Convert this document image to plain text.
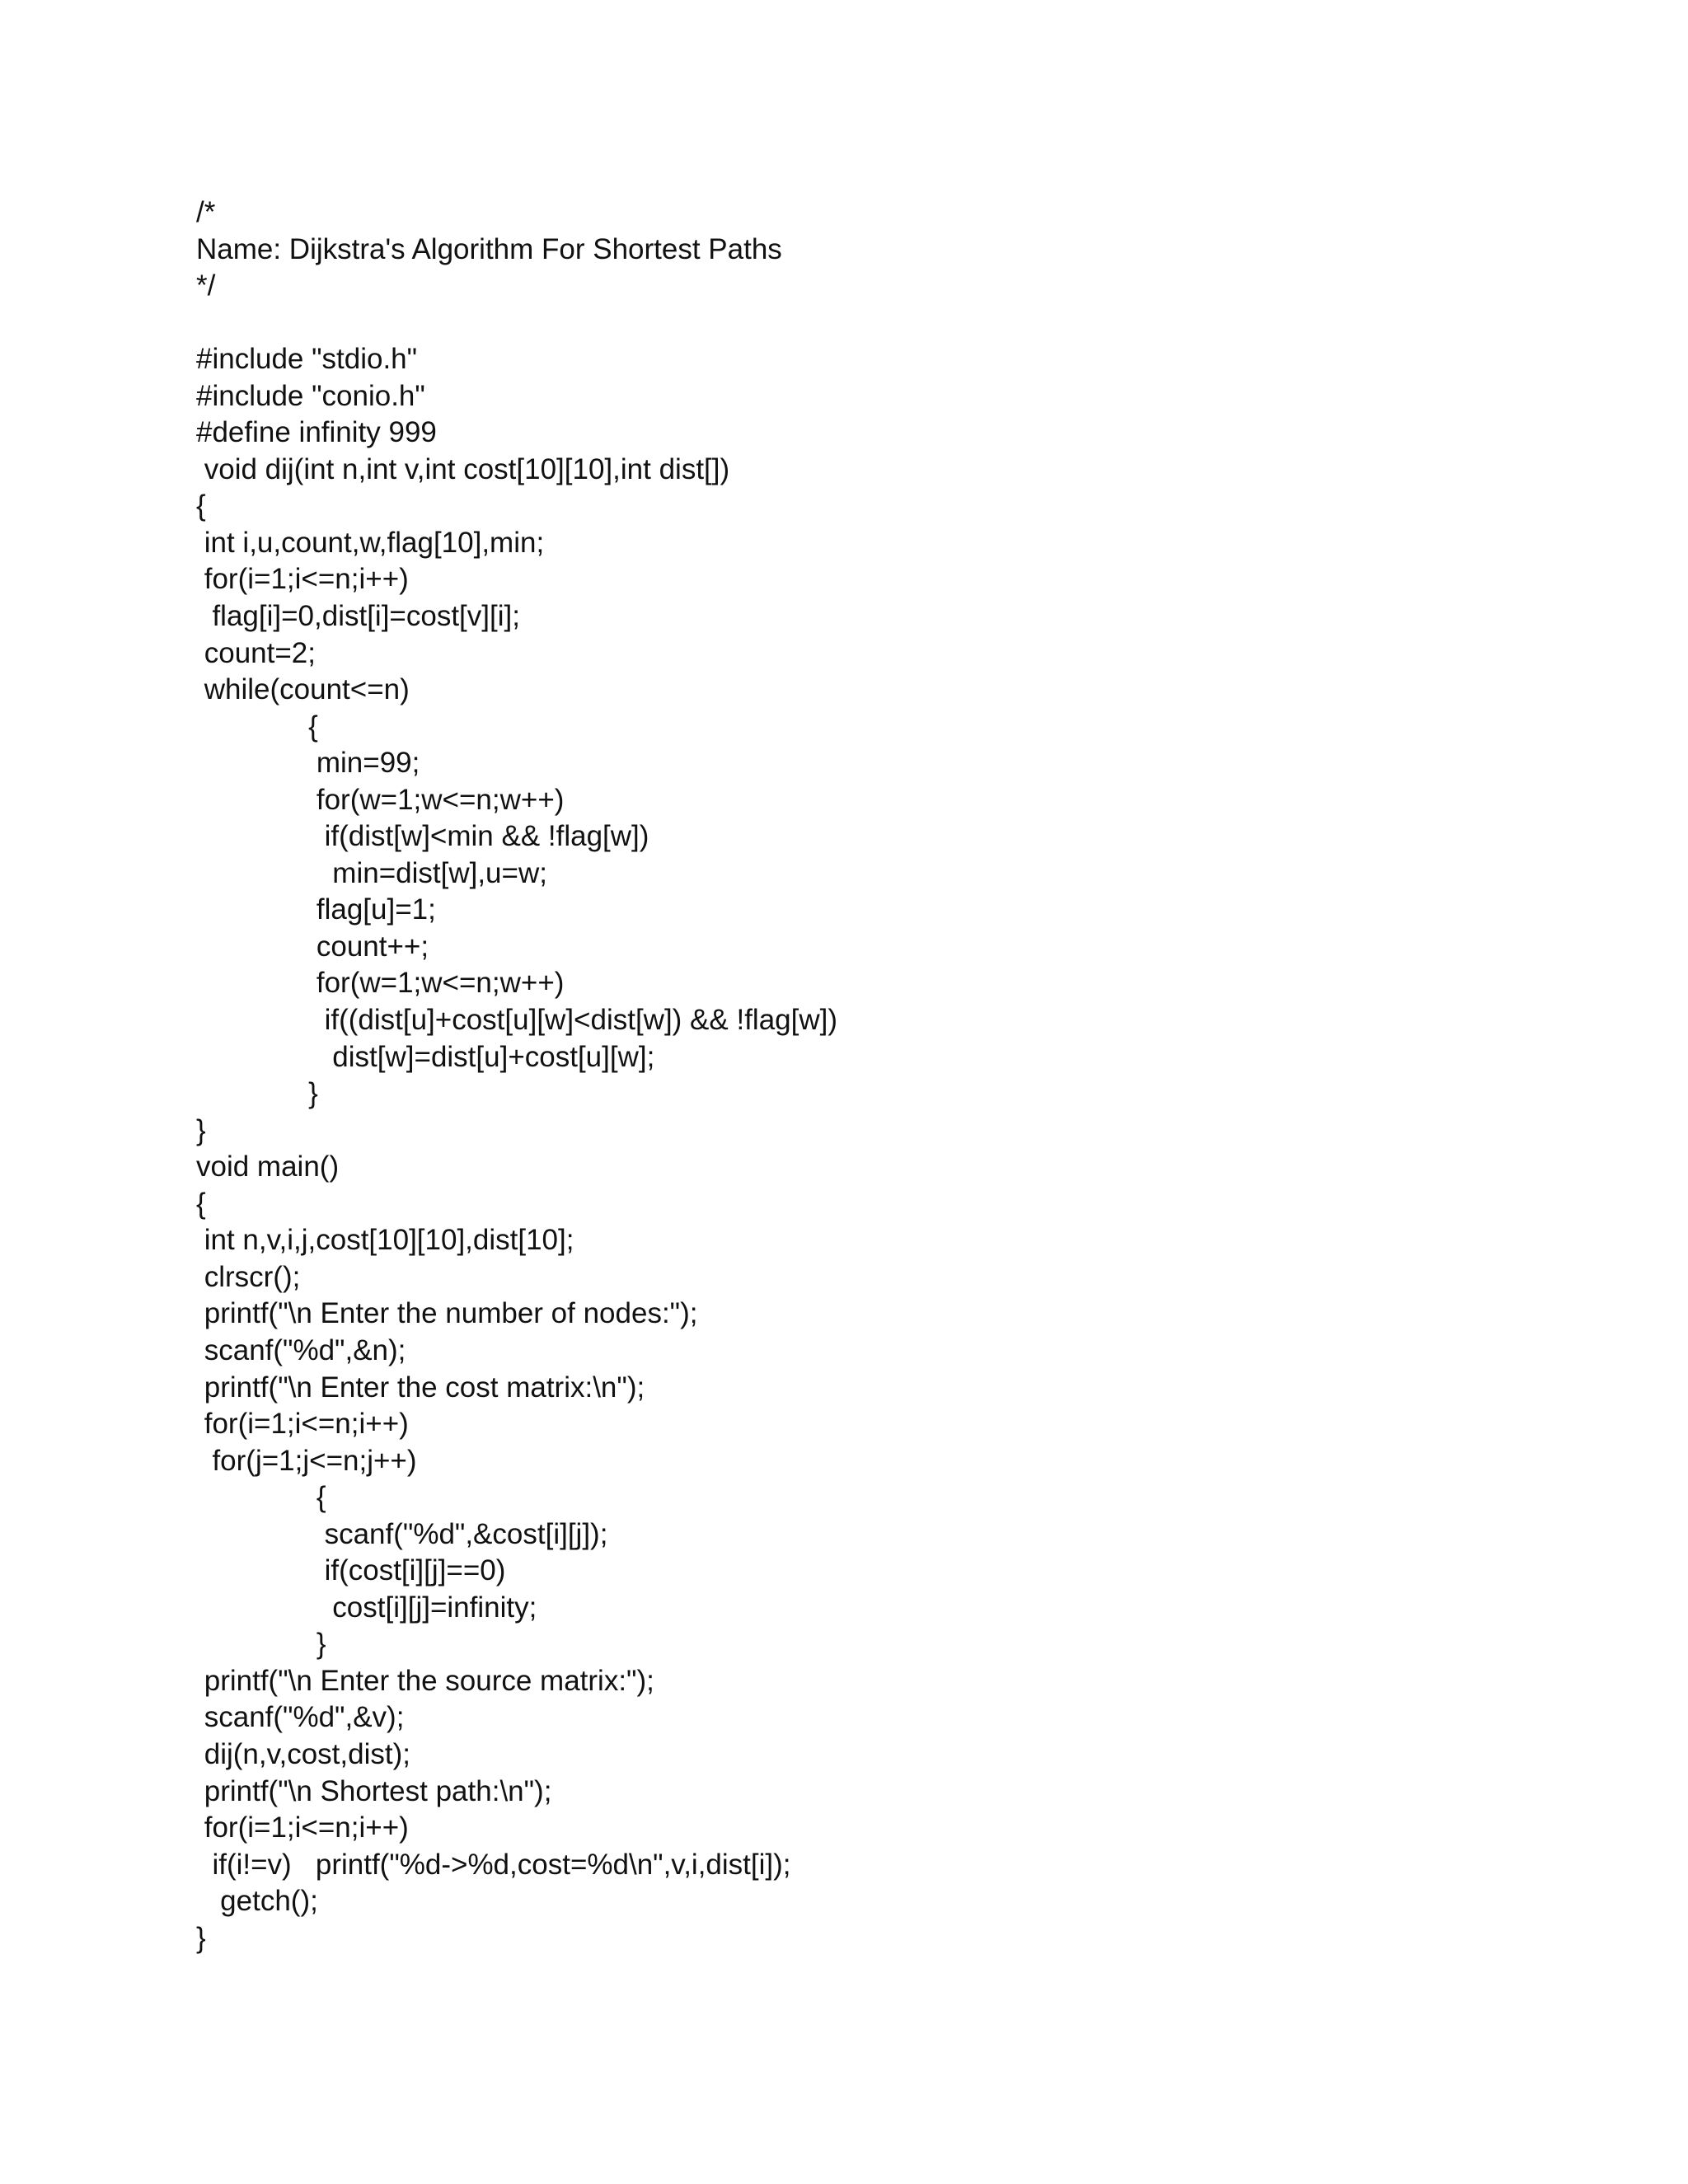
/*
Name: Dijkstra's Algorithm For Shortest Paths
*/
#include "stdio.h"
#include "conio.h"
#define infinity 999
void dij(int n,int v,int cost[10][10],int dist[])
{
int i,u,count,w,flag[10],min;
for(i=1;i<=n;i++)
flag[i]=0,dist[i]=cost[v][i];
count=2;
while(count<=n)
{
min=99;
for(w=1;w<=n;w++)
if(dist[w]<min && !flag[w])
min=dist[w],u=w;
flag[u]=1;
count++;
for(w=1;w<=n;w++)
if((dist[u]+cost[u][w]<dist[w]) && !flag[w])
dist[w]=dist[u]+cost[u][w];
}
}
void main()
{
int n,v,i,j,cost[10][10],dist[10];
clrscr();
printf("\n Enter the number of nodes:");
scanf("%d",&n);
printf("\n Enter the cost matrix:\n");
for(i=1;i<=n;i++)
for(j=1;j<=n;j++)
{
scanf("%d",&cost[i][j]);
if(cost[i][j]==0)
cost[i][j]=infinity;
}
printf("\n Enter the source matrix:");
scanf("%d",&v);
dij(n,v,cost,dist);
printf("\n Shortest path:\n");
for(i=1;i<=n;i++)
if(i!=v)   printf("%d->%d,cost=%d\n",v,i,dist[i]);
getch();
}
